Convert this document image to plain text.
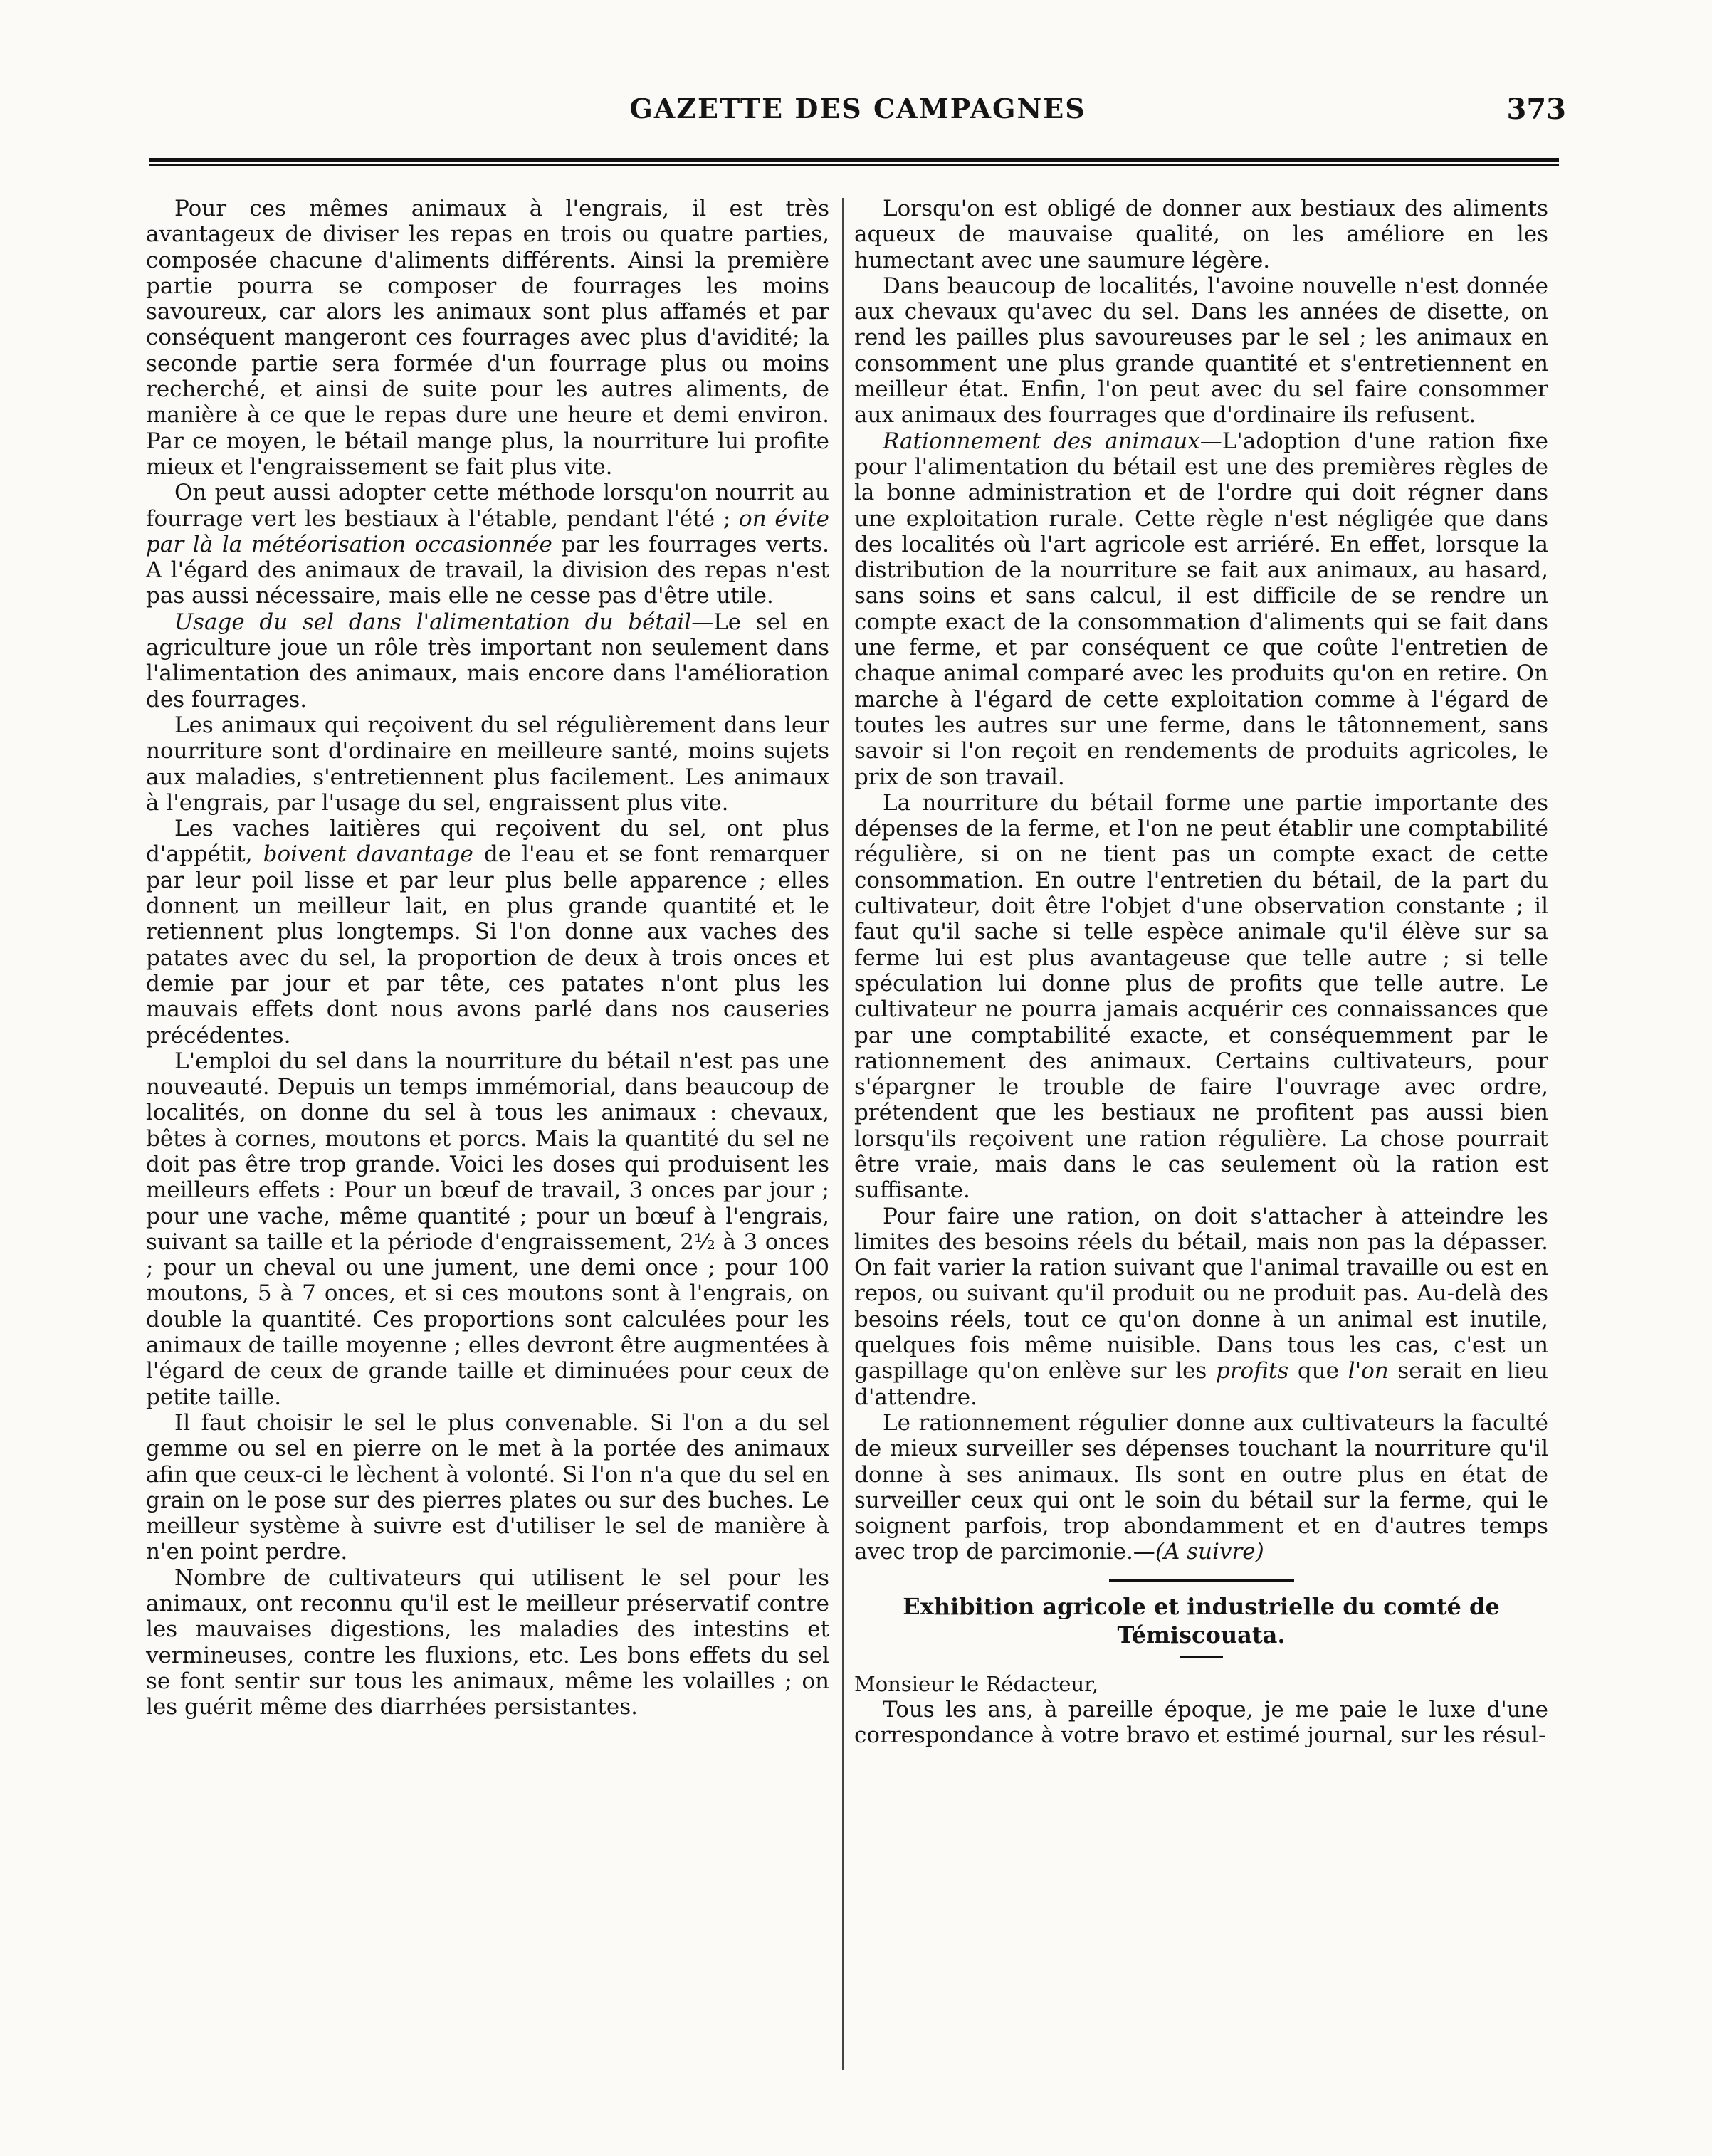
GAZETTE DES CAMPAGNES	373

Pour ces mêmes animaux à l'engrais, il est très avantageux de diviser les repas en trois ou quatre parties, composée chacune d'aliments différents. Ainsi la première partie pourra se composer de fourrages les moins savoureux, car alors les animaux sont plus affamés et par conséquent mangeront ces fourrages avec plus d'avidité; la seconde partie sera formée d'un fourrage plus ou moins recherché, et ainsi de suite pour les autres aliments, de manière à ce que le repas dure une heure et demi environ. Par ce moyen, le bétail mange plus, la nourriture lui profite mieux et l'engraissement se fait plus vite.

On peut aussi adopter cette méthode lorsqu'on nourrit au fourrage vert les bestiaux à l'étable, pendant l'été ; on évite par là la météorisation occasionnée par les fourrages verts. A l'égard des animaux de travail, la division des repas n'est pas aussi nécessaire, mais elle ne cesse pas d'être utile.

Usage du sel dans l'alimentation du bétail—Le sel en agriculture joue un rôle très important non seulement dans l'alimentation des animaux, mais encore dans l'amélioration des fourrages.

Les animaux qui reçoivent du sel régulièrement dans leur nourriture sont d'ordinaire en meilleure santé, moins sujets aux maladies, s'entretiennent plus facilement. Les animaux à l'engrais, par l'usage du sel, engraissent plus vite.

Les vaches laitières qui reçoivent du sel, ont plus d'appétit, boivent davantage de l'eau et se font remarquer par leur poil lisse et par leur plus belle apparence ; elles donnent un meilleur lait, en plus grande quantité et le retiennent plus longtemps. Si l'on donne aux vaches des patates avec du sel, la proportion de deux à trois onces et demie par jour et par tête, ces patates n'ont plus les mauvais effets dont nous avons parlé dans nos causeries précédentes.

L'emploi du sel dans la nourriture du bétail n'est pas une nouveauté. Depuis un temps immémorial, dans beaucoup de localités, on donne du sel à tous les animaux : chevaux, bêtes à cornes, moutons et porcs. Mais la quantité du sel ne doit pas être trop grande. Voici les doses qui produisent les meilleurs effets : Pour un bœuf de travail, 3 onces par jour ; pour une vache, même quantité ; pour un bœuf à l'engrais, suivant sa taille et la période d'engraissement, 2½ à 3 onces ; pour un cheval ou une jument, une demi once ; pour 100 moutons, 5 à 7 onces, et si ces moutons sont à l'engrais, on double la quantité. Ces proportions sont calculées pour les animaux de taille moyenne ; elles devront être augmentées à l'égard de ceux de grande taille et diminuées pour ceux de petite taille.

Il faut choisir le sel le plus convenable. Si l'on a du sel gemme ou sel en pierre on le met à la portée des animaux afin que ceux-ci le lèchent à volonté. Si l'on n'a que du sel en grain on le pose sur des pierres plates ou sur des buches. Le meilleur système à suivre est d'utiliser le sel de manière à n'en point perdre.

Nombre de cultivateurs qui utilisent le sel pour les animaux, ont reconnu qu'il est le meilleur préservatif contre les mauvaises digestions, les maladies des intestins et vermineuses, contre les fluxions, etc. Les bons effets du sel se font sentir sur tous les animaux, même les volailles ; on les guérit même des diarrhées persistantes.

Lorsqu'on est obligé de donner aux bestiaux des aliments aqueux de mauvaise qualité, on les améliore en les humectant avec une saumure légère.

Dans beaucoup de localités, l'avoine nouvelle n'est donnée aux chevaux qu'avec du sel. Dans les années de disette, on rend les pailles plus savoureuses par le sel ; les animaux en consomment une plus grande quantité et s'entretiennent en meilleur état. Enfin, l'on peut avec du sel faire consommer aux animaux des fourrages que d'ordinaire ils refusent.

Rationnement des animaux—L'adoption d'une ration fixe pour l'alimentation du bétail est une des premières règles de la bonne administration et de l'ordre qui doit régner dans une exploitation rurale. Cette règle n'est négligée que dans des localités où l'art agricole est arriéré. En effet, lorsque la distribution de la nourriture se fait aux animaux, au hasard, sans soins et sans calcul, il est difficile de se rendre un compte exact de la consommation d'aliments qui se fait dans une ferme, et par conséquent ce que coûte l'entretien de chaque animal comparé avec les produits qu'on en retire. On marche à l'égard de cette exploitation comme à l'égard de toutes les autres sur une ferme, dans le tâtonnement, sans savoir si l'on reçoit en rendements de produits agricoles, le prix de son travail.

La nourriture du bétail forme une partie importante des dépenses de la ferme, et l'on ne peut établir une comptabilité régulière, si on ne tient pas un compte exact de cette consommation. En outre l'entretien du bétail, de la part du cultivateur, doit être l'objet d'une observation constante ; il faut qu'il sache si telle espèce animale qu'il élève sur sa ferme lui est plus avantageuse que telle autre ; si telle spéculation lui donne plus de profits que telle autre. Le cultivateur ne pourra jamais acquérir ces connaissances que par une comptabilité exacte, et conséquemment par le rationnement des animaux. Certains cultivateurs, pour s'épargner le trouble de faire l'ouvrage avec ordre, prétendent que les bestiaux ne profitent pas aussi bien lorsqu'ils reçoivent une ration régulière. La chose pourrait être vraie, mais dans le cas seulement où la ration est suffisante.

Pour faire une ration, on doit s'attacher à atteindre les limites des besoins réels du bétail, mais non pas la dépasser. On fait varier la ration suivant que l'animal travaille ou est en repos, ou suivant qu'il produit ou ne produit pas. Au-delà des besoins réels, tout ce qu'on donne à un animal est inutile, quelques fois même nuisible. Dans tous les cas, c'est un gaspillage qu'on enlève sur les profits que l'on serait en lieu d'attendre.

Le rationnement régulier donne aux cultivateurs la faculté de mieux surveiller ses dépenses touchant la nourriture qu'il donne à ses animaux. Ils sont en outre plus en état de surveiller ceux qui ont le soin du bétail sur la ferme, qui le soignent parfois, trop abondamment et en d'autres temps avec trop de parcimonie.—(A suivre)

Exhibition agricole et industrielle du comté de Témiscouata.

Monsieur le Rédacteur,

Tous les ans, à pareille époque, je me paie le luxe d'une correspondance à votre bravo et estimé journal, sur les résul-
